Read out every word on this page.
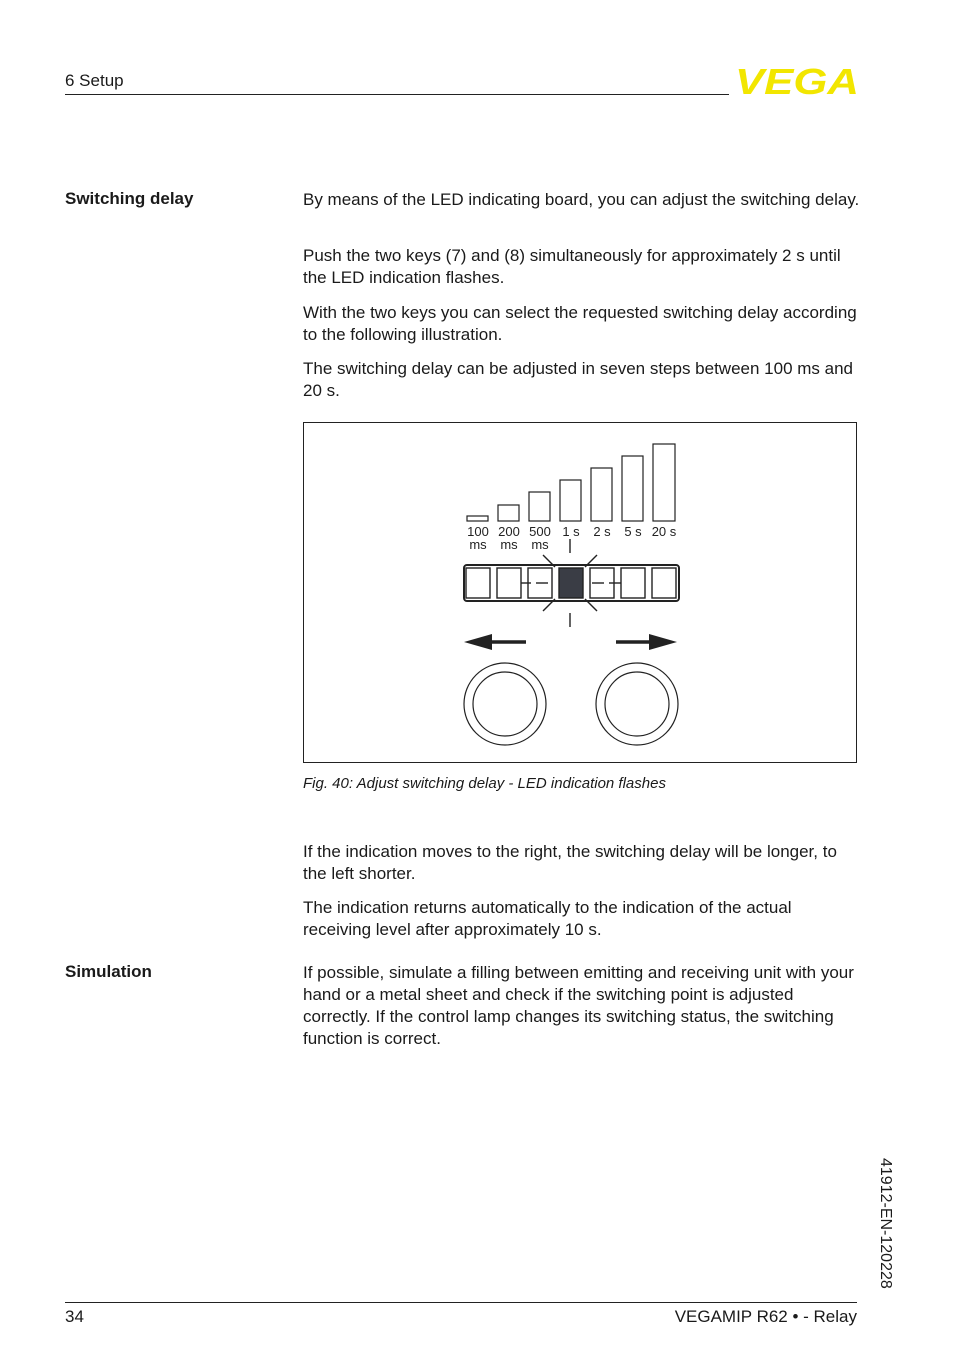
6 Setup	VEGA
Switching delay	By means of the LED indicating board, you can adjust the switching delay.
Push the two keys (7) and (8) simultaneously for approximately 2 s until the LED indication flashes.
With the two keys you can select the requested switching delay according to the following illustration.
The switching delay can be adjusted in seven steps between 100 ms and 20 s.
100
ms
200
ms
500
ms
1 s 2 s 5 s 20 s
Fig. 40: Adjust switching delay - LED indication flashes
If the indication moves to the right, the switching delay will be longer, to the left shorter.
The indication returns automatically to the indication of the actual receiving level after approximately 10 s.
Simulation	If possible, simulate a filling between emitting and receiving unit with your hand or a metal sheet and check if the switching point is adjusted correctly. If the control lamp changes its switching status, the switching function is correct.
41912-EN-120228
34	VEGAMIP R62 • - Relay
